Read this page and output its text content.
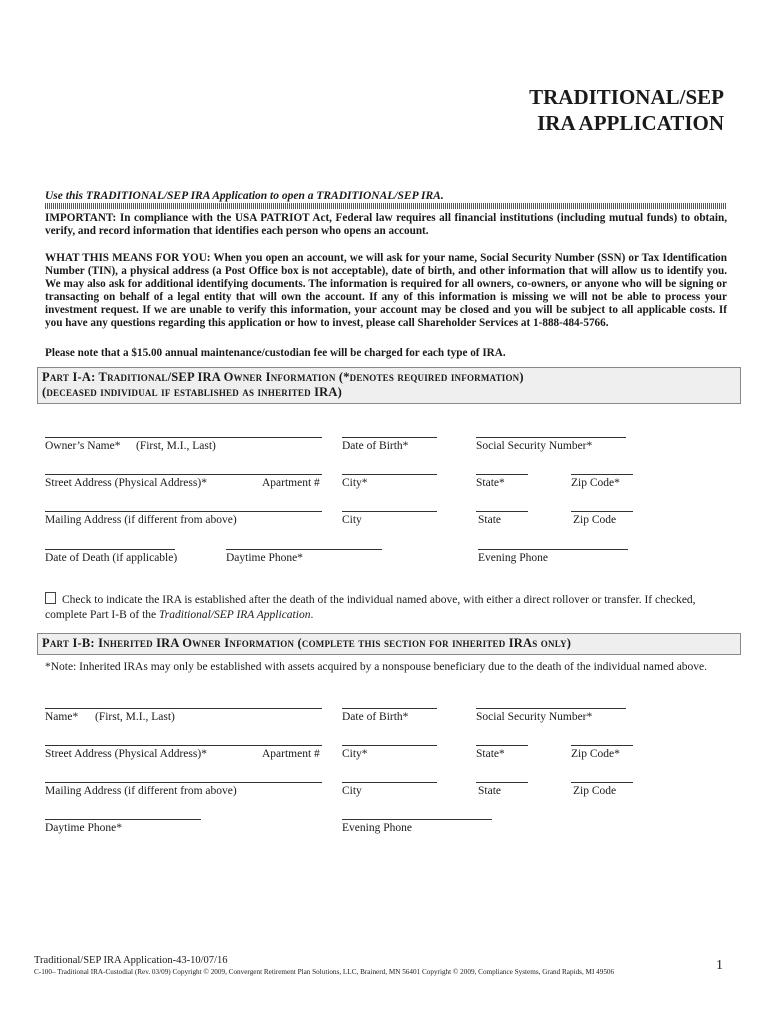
TRADITIONAL/SEP
IRA APPLICATION
Use this TRADITIONAL/SEP IRA Application to open a TRADITIONAL/SEP IRA.
IMPORTANT: In compliance with the USA PATRIOT Act, Federal law requires all financial institutions (including mutual funds) to obtain, verify, and record information that identifies each person who opens an account.
WHAT THIS MEANS FOR YOU: When you open an account, we will ask for your name, Social Security Number (SSN) or Tax Identification Number (TIN), a physical address (a Post Office box is not acceptable), date of birth, and other information that will allow us to identify you. We may also ask for additional identifying documents. The information is required for all owners, co-owners, or anyone who will be signing or transacting on behalf of a legal entity that will own the account. If any of this information is missing we will not be able to process your investment request. If we are unable to verify this information, your account may be closed and you will be subject to all applicable costs. If you have any questions regarding this application or how to invest, please call Shareholder Services at 1-888-484-5766.
Please note that a $15.00 annual maintenance/custodian fee will be charged for each type of IRA.
Part I-A: Traditional/SEP IRA Owner Information (*denotes required information)
(deceased individual if established as inherited IRA)
Owner’s Name* (First, M.I., Last)	Date of Birth*	Social Security Number*
Street Address (Physical Address)*	Apartment # City*	State*	Zip Code*
Mailing Address (if different from above)	City	State	Zip Code
Date of Death (if applicable)	Daytime Phone*	Evening Phone
Check to indicate the IRA is established after the death of the individual named above, with either a direct rollover or transfer. If checked, complete Part I-B of the Traditional/SEP IRA Application.
Part I-B: Inherited IRA Owner Information (complete this section for inherited IRAs only)
*Note: Inherited IRAs may only be established with assets acquired by a nonspouse beneficiary due to the death of the individual named above.
Name* (First, M.I., Last)	Date of Birth*	Social Security Number*
Street Address (Physical Address)*	Apartment # City*	State*	Zip Code*
Mailing Address (if different from above)	City	State	Zip Code
Daytime Phone*	Evening Phone
Traditional/SEP IRA Application-43-10/07/16
C-100– Traditional IRA-Custodial (Rev. 03/09) Copyright © 2009, Convergent Retirement Plan Solutions, LLC, Brainerd, MN 56401 Copyright © 2009, Compliance Systems, Grand Rapids, MI 49506	1
